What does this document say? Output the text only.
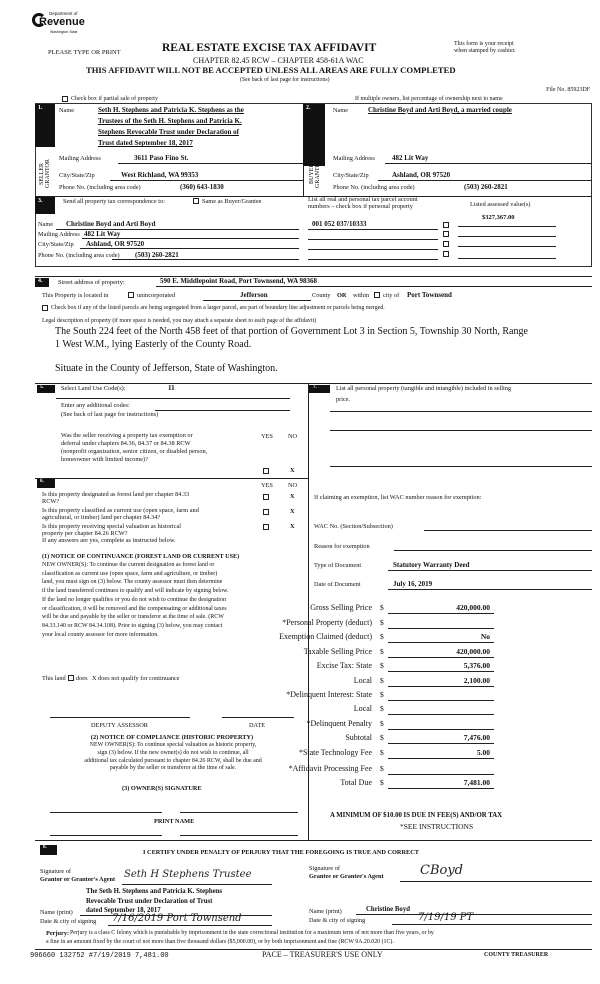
Department of
Revenue
Washington State
PLEASE TYPE OR PRINT	REAL ESTATE EXCISE TAX AFFIDAVIT
CHAPTER 82.45 RCW – CHAPTER 458-61A WAC
THIS AFFIDAVIT WILL NOT BE ACCEPTED UNLESS ALL AREAS ARE FULLY COMPLETED
(See back of last page for instructions)
This form is your receipt
when stamped by cashier.
File No. 85923DF
Check box if partial sale of property	If multiple owners, list percentage of ownership next to name
1.
SELLER
GRANTOR
Name	Seth H. Stephens and Patricia K. Stephens as the
Trustees of the Seth H. Stephens and Patricia K.
Stephens Revocable Trust under Declaration of
Trust dated September 18, 2017
Mailing Address	3611 Paso Fino St.
City/State/Zip	West Richland, WA 99353
Phone No. (including area code)	(360) 643-1830
2.
BUYER
GRANTEE
Name	Christine Boyd and Arti Boyd, a married couple
Mailing Address 482 Lit Way
City/State/Zip	Ashland, OR 97520
Phone No. (including area code)	(503) 260-2821
3.	Send all property tax correspondence to:	Same as Buyer/Grantee
Name Christine Boyd and Arti Boyd
Mailing Address 482 Lit Way
City/State/Zip Ashland, OR 97520
Phone No. (including area code) (503) 260-2821
List all real and personal tax parcel account
numbers – check box if personal property	Listed assessed value(s)
001 052 037/10333
$327,367.00
4.	Street address of property:	590 E. Middlepoint Road, Port Townsend, WA 98368
This Property is located in	unincorporated	Jefferson	County OR within city of Port Townsend
Check box if any of the listed parcels are being segregated from a larger parcel, are part of boundary line adjustment or parcels being merged.
Legal description of property (if more space is needed, you may attach a separate sheet to each page of the affidavit)
The South 224 feet of the North 458 feet of that portion of Government Lot 3 in Section 5, Township 30 North, Range
1 West W.M., lying Easterly of the County Road.
Situate in the County of Jefferson, State of Washington.
5.	Select Land Use Code(s):	11
Enter any additional codes:
(See back of last page for instructions)
Was the seller receiving a property tax exemption or
deferral under chapters 84.36, 84.37 or 84.38 RCW
(nonprofit organization, senior citizen, or disabled person,
homeowner with limited income)?
YES NO
X
6.
YES NO
Is this property designated as forest land per chapter 84.33
RCW?
X
Is this property classified as current use (open space, farm and
agricultural, or timber) land per chapter 84.34?
X
Is this property receiving special valuation as historical
property per chapter 84.26 RCW?
X
If any answers are yes, complete as instructed below.
(1) NOTICE OF CONTINUANCE (FOREST LAND OR CURRENT USE)
NEW OWNER(S): To continue the current designation as forest land or
classification as current use (open space, farm and agriculture, or timber)
land, you must sign on (3) below. The county assessor must then determine
if the land transferred continues to qualify and will indicate by signing below.
If the land no longer qualifies or you do not wish to continue the designation
or classification, it will be removed and the compensating or additional taxes
will be due and payable by the seller or transferor at the time of sale. (RCW
84.33.140 or RCW 84.34.108). Prior to signing (3) below, you may contact
your local county assessor for more information.
This land does X does not qualify for continuance
DEPUTY ASSESSOR	DATE
(2) NOTICE OF COMPLIANCE (HISTORIC PROPERTY)
NEW OWNER(S): To continue special valuation as historic property,
sign (3) below. If the new owner(s) do not wish to continue, all
additional tax calculated pursuant to chapter 84.26 RCW, shall be due and
payable by the seller or transferor at the time of sale.
(3) OWNER(S) SIGNATURE
PRINT NAME
7.	List all personal property (tangible and intangible) included in selling
price.
If claiming an exemption, list WAC number reason for exemption:
WAC No. (Section/Subsection)
Reason for exemption
Type of Document	Statutory Warranty Deed
Date of Document	July 16, 2019
Gross Selling Price $	420,000.00
*Personal Property (deduct) $
Exemption Claimed (deduct) $	No
Taxable Selling Price $	420,000.00
Excise Tax: State $	5,376.00
Local $	2,100.00
*Delinquent Interest: State $
Local $
*Delinquent Penalty $
Subtotal $	7,476.00
*State Technology Fee $	5.00
*Affidavit Processing Fee $
Total Due $	7,481.00
A MINIMUM OF $10.00 IS DUE IN FEE(S) AND/OR TAX
*SEE INSTRUCTIONS
8.
I CERTIFY UNDER PENALTY OF PERJURY THAT THE FOREGOING IS TRUE AND CORRECT
Signature of
Grantor or Grantor's Agent Seth H Stephens Trustee
Signature of
Grantee or Grantee's Agent	CBoyd
The Seth H. Stephens and Patricia K. Stephens
Revocable Trust under Declaration of Trust
Name (print) dated September 18, 2017
Date & city of signing 7/16/2019 Port Townsend
Name (print)	Christine Boyd
Date & city of signing	7/19/19 PT
Perjury: Perjury is a class C felony which is punishable by imprisonment in the state correctional institution for a maximum term of not more than five years, or by
a fine in an amount fixed by the court of not more than five thousand dollars ($5,000.00), or by both imprisonment and fine (RCW 9A.20.020 (1C).
906660 132752 #7/19/2019 7,481.00	PACE – TREASURER'S USE ONLY	COUNTY TREASURER
